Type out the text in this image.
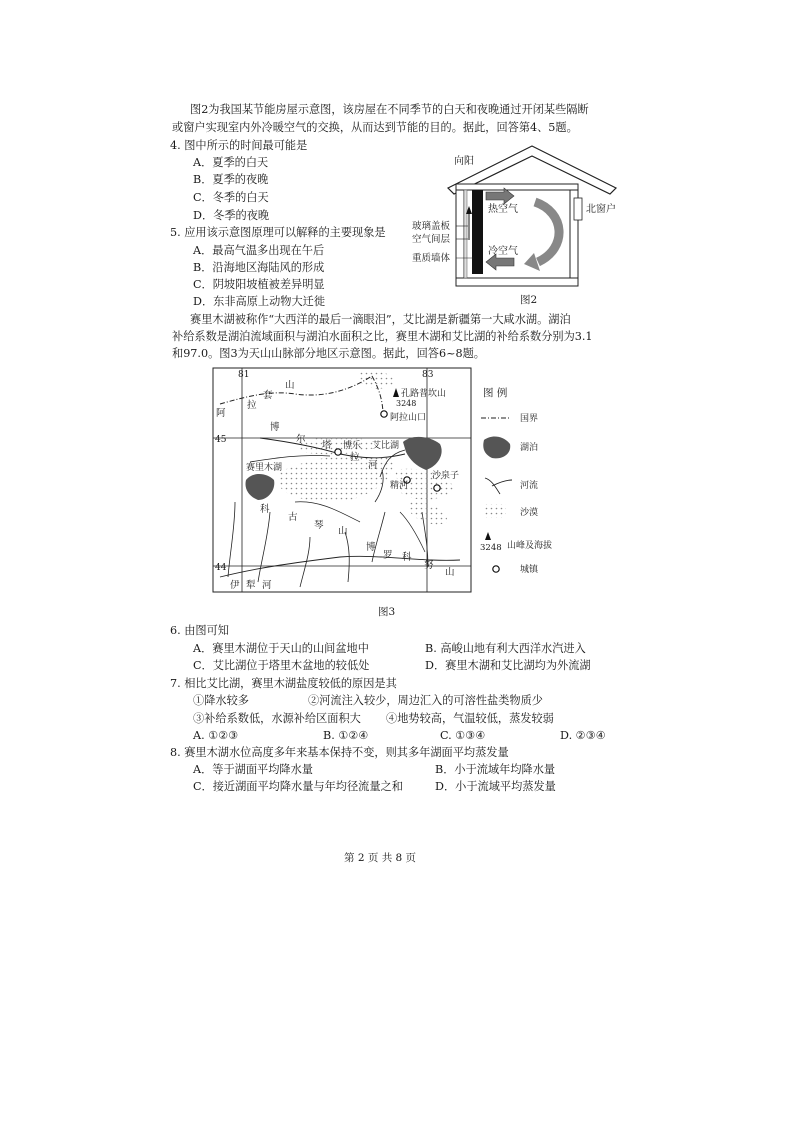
图2为我国某节能房屋示意图，该房屋在不同季节的白天和夜晚通过开闭某些隔断
或窗户实现室内外冷暖空气的交换，从而达到节能的目的。据此，回答第4、5题。
4. 图中所示的时间最可能是
A．夏季的白天
B．夏季的夜晚
C．冬季的白天
D．冬季的夜晚
5. 应用该示意图原理可以解释的主要现象是
A．最高气温多出现在午后
B．沿海地区海陆风的形成
C．阴坡阳坡植被差异明显
D．东非高原上动物大迁徙
向阳
热空气
冷空气
北窗户
玻璃盖板
空气间层
重质墙体
图2
赛里木湖被称作“大西洋的最后一滴眼泪”，艾比湖是新疆第一大咸水湖。湖泊
补给系数是湖泊流域面积与湖泊水面积之比，赛里木湖和艾比湖的补给系数分别为3.1
和97.0。图3为天山山脉部分地区示意图。据此，回答6~8题。
81	83
45
44
孔路普坎山
3248
阿拉山口
博乐 艾比湖
赛里木湖
精河
沙泉子
阿
拉
套
山
博
尔
塔
拉
河
科
古
琴
山
博
罗 科
努
山
伊 犁 河
图 例
国界
湖泊
河流
沙漠
3248 山峰及海拔
城镇
图3
6. 由图可知
A．赛里木湖位于天山的山间盆地中	B. 高峻山地有利大西洋水汽进入
C．艾比湖位于塔里木盆地的较低处	D．赛里木湖和艾比湖均为外流湖
7. 相比艾比湖，赛里木湖盐度较低的原因是其
①降水较多	②河流注入较少，周边汇入的可溶性盐类物质少
③补给系数低，水源补给区面积大 ④地势较高，气温较低，蒸发较弱
A. ①②③	B. ①②④	C. ①③④	D. ②③④
8. 赛里木湖水位高度多年来基本保持不变，则其多年湖面平均蒸发量
A．等于湖面平均降水量	B．小于流域年均降水量
C．接近湖面平均降水量与年均径流量之和	D．小于流域平均蒸发量
第 2 页 共 8 页
